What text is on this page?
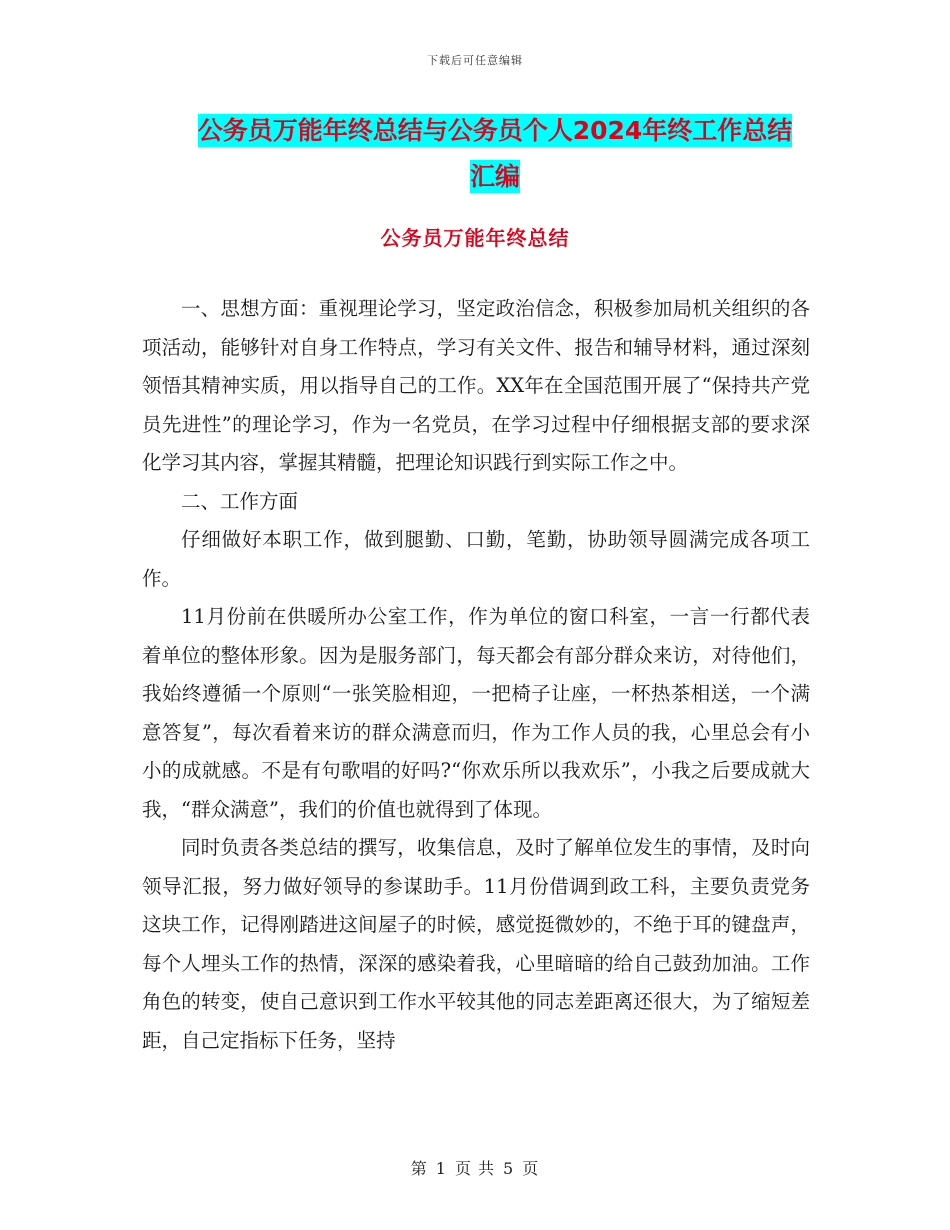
下载后可任意编辑
公务员万能年终总结与公务员个人2024年终工作总结
汇编
公务员万能年终总结

一、思想方面：重视理论学习，坚定政治信念，积极参加局机关组织的各项活动，能够针对自身工作特点，学习有关文件、报告和辅导材料，通过深刻领悟其精神实质，用以指导自己的工作。XX年在全国范围开展了“保持共产党员先进性”的理论学习，作为一名党员，在学习过程中仔细根据支部的要求深化学习其内容，掌握其精髓，把理论知识践行到实际工作之中。

二、工作方面

仔细做好本职工作，做到腿勤、口勤，笔勤，协助领导圆满完成各项工作。

11月份前在供暖所办公室工作，作为单位的窗口科室，一言一行都代表着单位的整体形象。因为是服务部门，每天都会有部分群众来访，对待他们，我始终遵循一个原则“一张笑脸相迎，一把椅子让座，一杯热茶相送，一个满意答复”，每次看着来访的群众满意而归，作为工作人员的我，心里总会有小小的成就感。不是有句歌唱的好吗?“你欢乐所以我欢乐”，小我之后要成就大我，“群众满意”，我们的价值也就得到了体现。

同时负责各类总结的撰写，收集信息，及时了解单位发生的事情，及时向领导汇报，努力做好领导的参谋助手。11月份借调到政工科，主要负责党务这块工作，记得刚踏进这间屋子的时候，感觉挺微妙的，不绝于耳的键盘声，每个人埋头工作的热情，深深的感染着我，心里暗暗的给自己鼓劲加油。工作角色的转变，使自己意识到工作水平较其他的同志差距离还很大，为了缩短差距，自己定指标下任务，坚持

第 1 页 共 5 页
